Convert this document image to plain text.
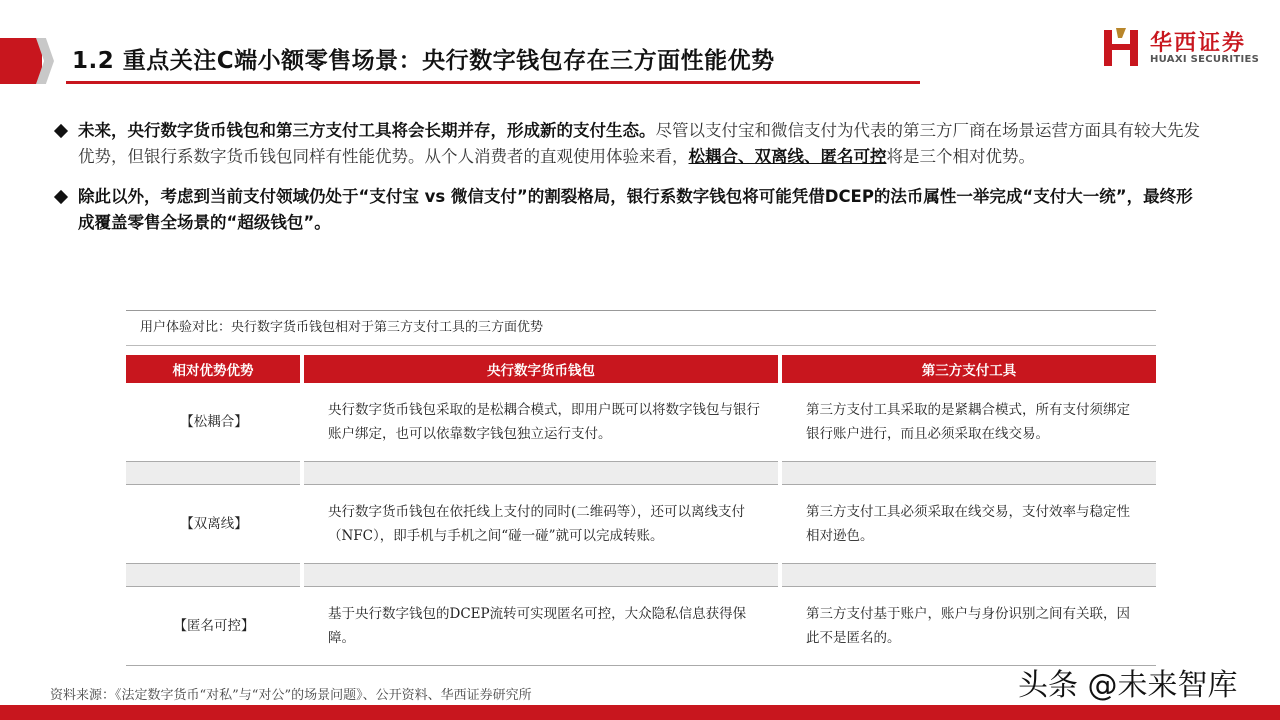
1.2 重点关注C端小额零售场景：央行数字钱包存在三方面性能优势
华西证券
HUAXI SECURITIES
未来，央行数字货币钱包和第三方支付工具将会长期并存，形成新的支付生态。尽管以支付宝和微信支付为代表的第三方厂商在场景运营方面具有较大先发优势，但银行系数字货币钱包同样有性能优势。从个人消费者的直观使用体验来看，松耦合、双离线、匿名可控将是三个相对优势。
除此以外，考虑到当前支付领域仍处于“支付宝 vs 微信支付”的割裂格局，银行系数字钱包将可能凭借DCEP的法币属性一举完成“支付大一统”，最终形成覆盖零售全场景的“超级钱包”。
用户体验对比：央行数字货币钱包相对于第三方支付工具的三方面优势
相对优势优势	央行数字货币钱包	第三方支付工具
【松耦合】	央行数字货币钱包采取的是松耦合模式，即用户既可以将数字钱包与银行账户绑定，也可以依靠数字钱包独立运行支付。	第三方支付工具采取的是紧耦合模式，所有支付须绑定银行账户进行，而且必须采取在线交易。

【双离线】	央行数字货币钱包在依托线上支付的同时(二维码等），还可以离线支付（NFC），即手机与手机之间“碰一碰”就可以完成转账。	第三方支付工具必须采取在线交易，支付效率与稳定性相对逊色。

【匿名可控】	基于央行数字钱包的DCEP流转可实现匿名可控，大众隐私信息获得保障。	第三方支付基于账户，账户与身份识别之间有关联，因此不是匿名的。
资料来源：《法定数字货币“对私”与“对公”的场景问题》、公开资料、华西证券研究所	头条 @未来智库
